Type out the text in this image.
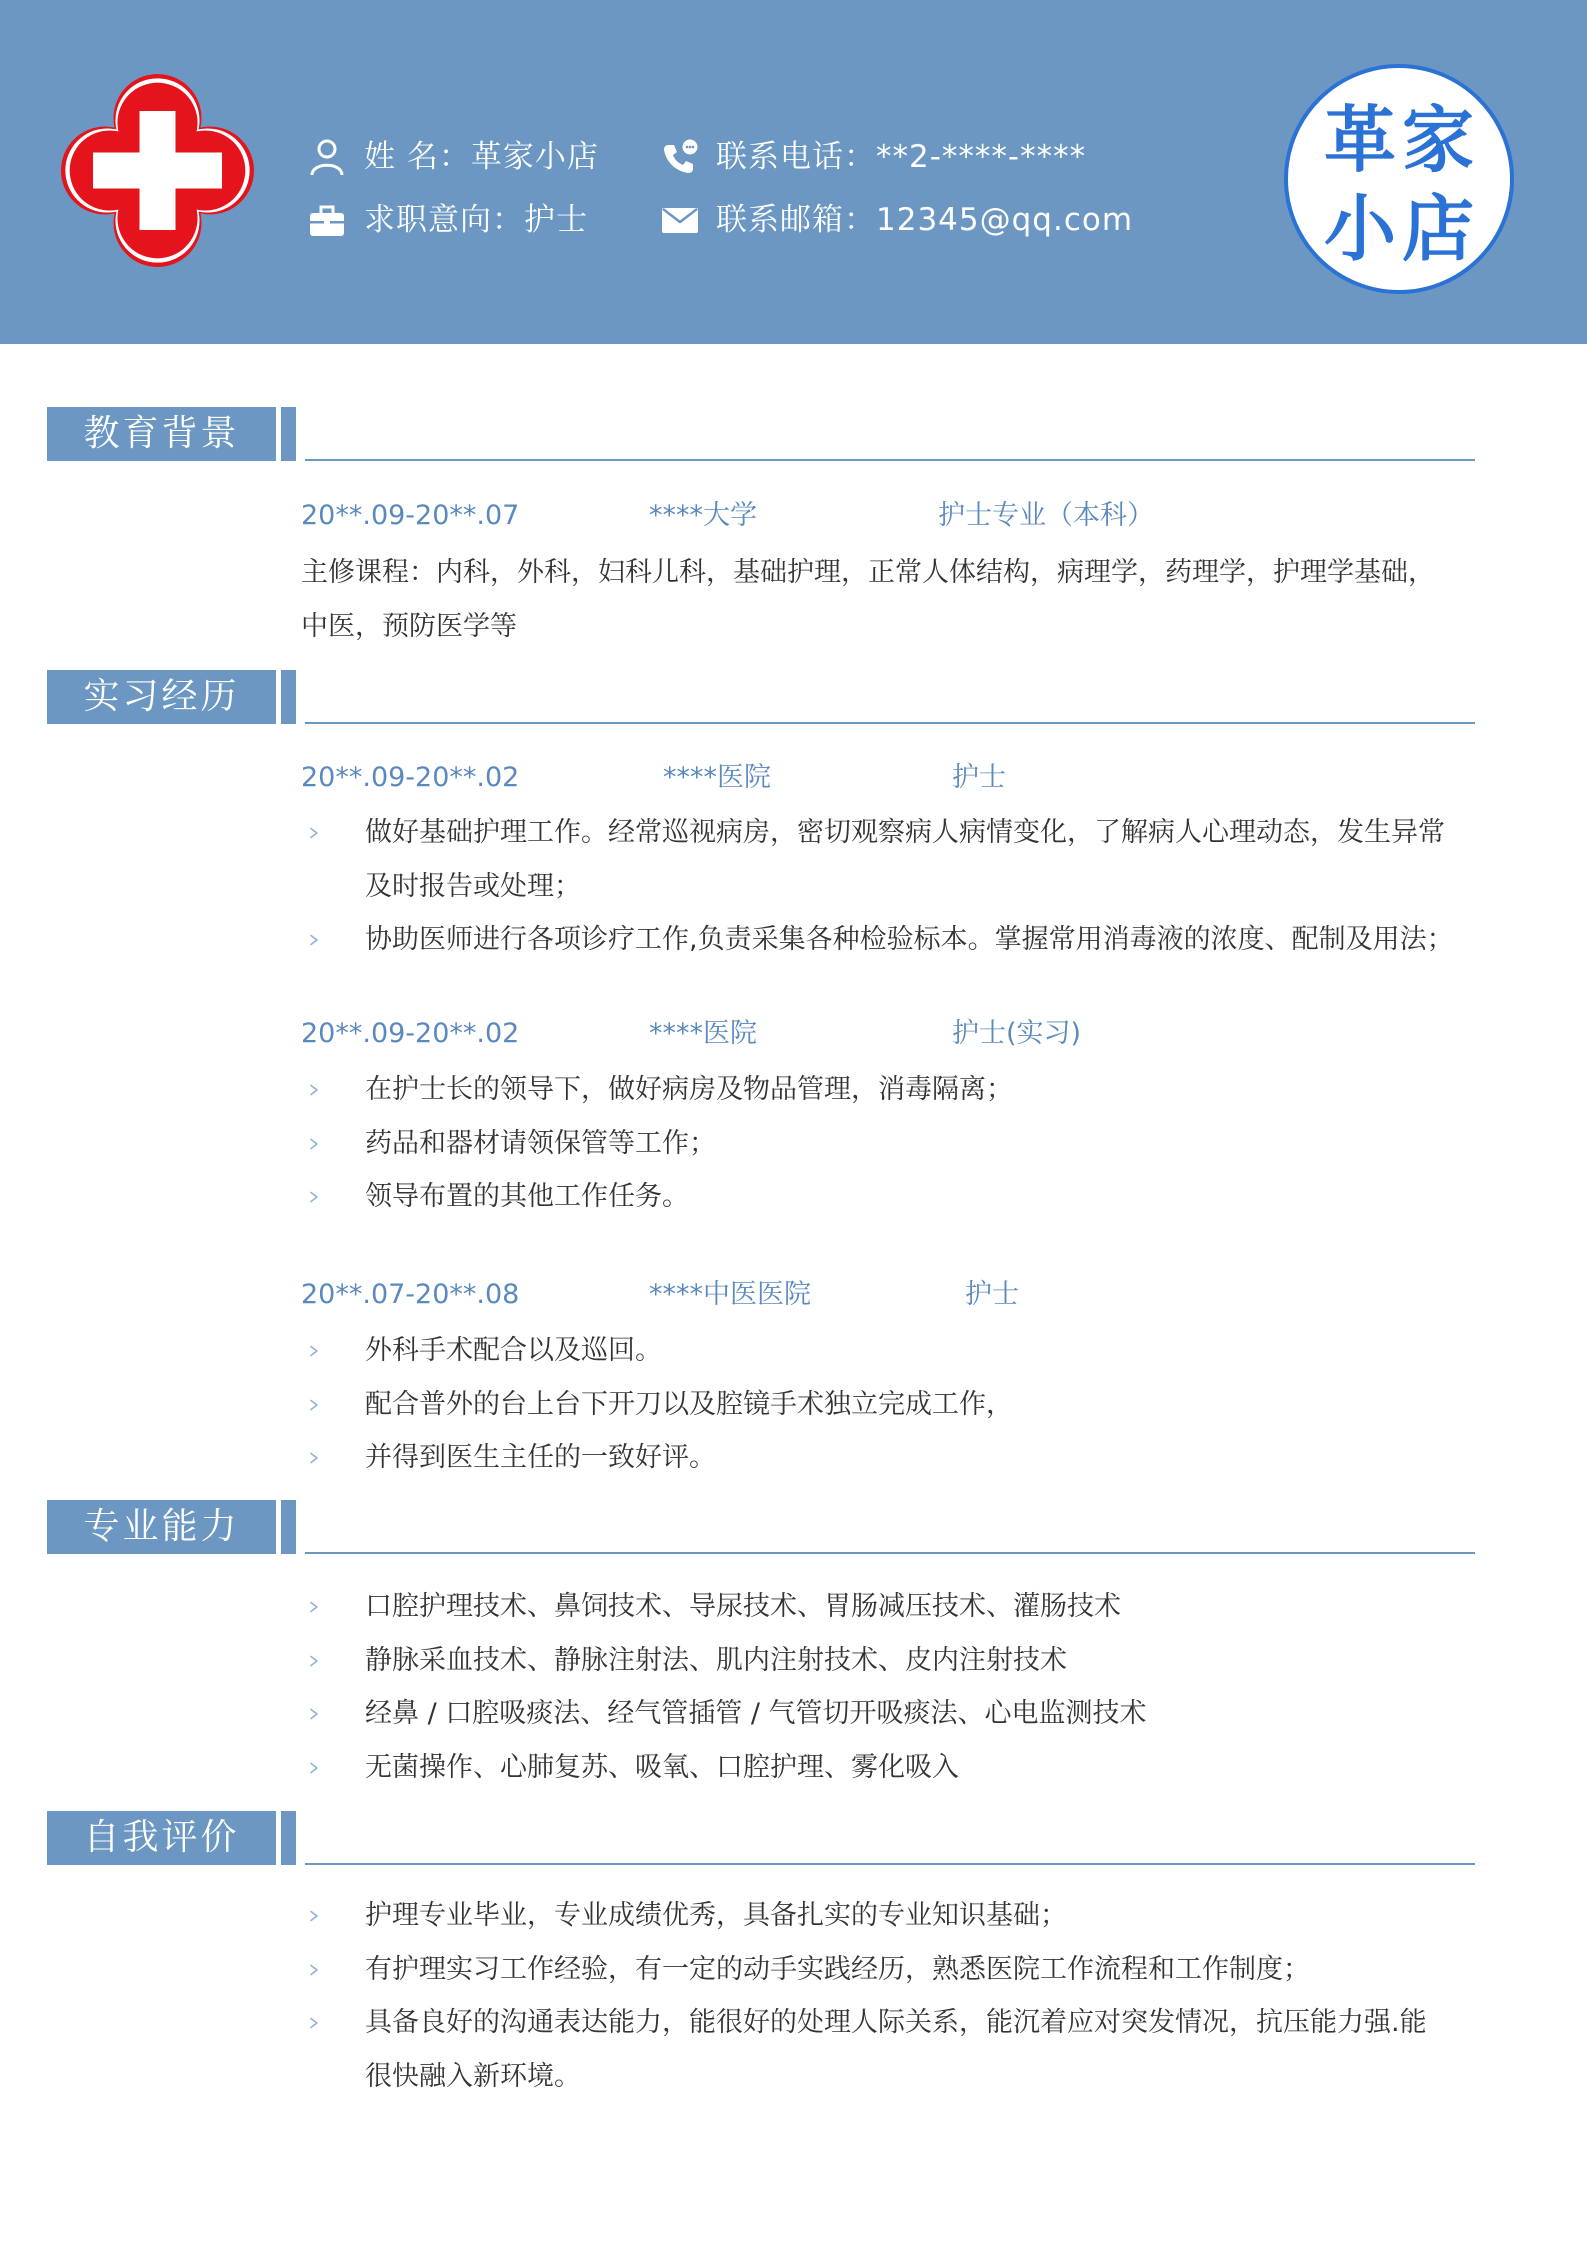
姓 名：革家小店	联系电话：**2-****-****
求职意向：护士	联系邮箱：12345@qq.com
革家
小店
教育背景
20**.09-20**.07	****大学	护士专业（本科）
主修课程：内科，外科，妇科儿科，基础护理，正常人体结构，病理学，药理学，护理学基础，
中医，预防医学等
实习经历
20**.09-20**.02	****医院	护士
做好基础护理工作。经常巡视病房，密切观察病人病情变化，了解病人心理动态，发生异常
及时报告或处理；
协助医师进行各项诊疗工作,负责采集各种检验标本。掌握常用消毒液的浓度、配制及用法；
20**.09-20**.02	****医院	护士(实习)
在护士长的领导下，做好病房及物品管理，消毒隔离；
药品和器材请领保管等工作；
领导布置的其他工作任务。
20**.07-20**.08	****中医医院	护士
外科手术配合以及巡回。
配合普外的台上台下开刀以及腔镜手术独立完成工作，
并得到医生主任的一致好评。
专业能力
口腔护理技术、鼻饲技术、导尿技术、胃肠减压技术、灌肠技术
静脉采血技术、静脉注射法、肌内注射技术、皮内注射技术
经鼻 / 口腔吸痰法、经气管插管 / 气管切开吸痰法、心电监测技术
无菌操作、心肺复苏、吸氧、口腔护理、雾化吸入
自我评价
护理专业毕业，专业成绩优秀，具备扎实的专业知识基础；
有护理实习工作经验，有一定的动手实践经历，熟悉医院工作流程和工作制度；
具备良好的沟通表达能力，能很好的处理人际关系，能沉着应对突发情况，抗压能力强.能
很快融入新环境。
